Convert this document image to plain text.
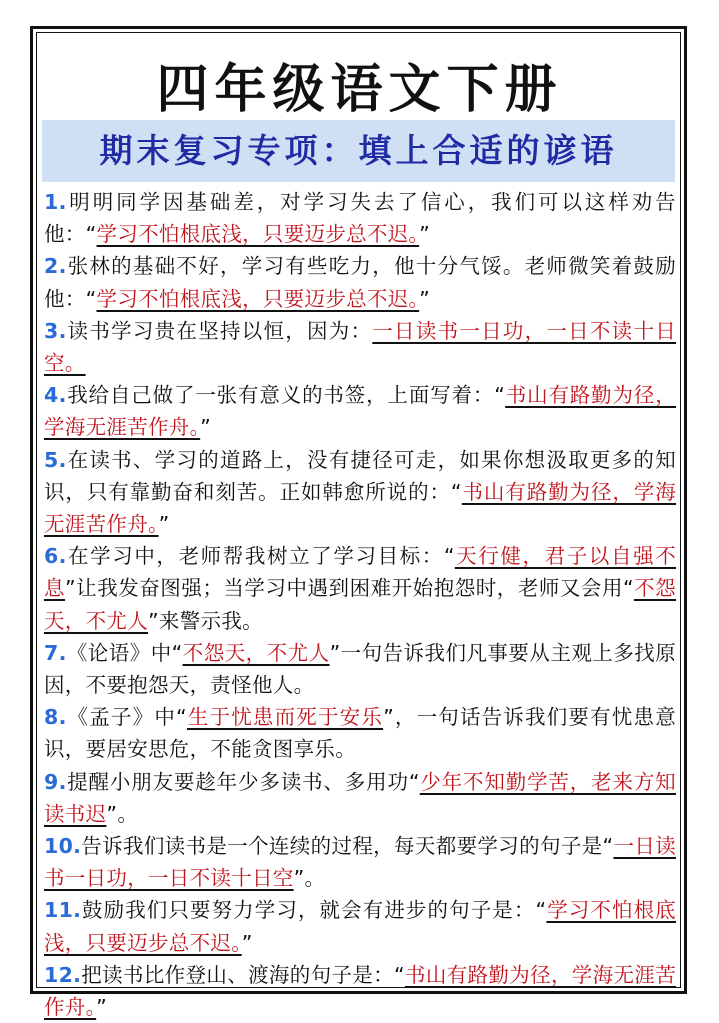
四年级语文下册
期末复习专项：填上合适的谚语
1.明明同学因基础差，对学习失去了信心，我们可以这样劝告他：“学习不怕根底浅，只要迈步总不迟。”
2.张林的基础不好，学习有些吃力，他十分气馁。老师微笑着鼓励他：“学习不怕根底浅，只要迈步总不迟。”
3.读书学习贵在坚持以恒，因为：一日读书一日功，一日不读十日空。
4.我给自己做了一张有意义的书签，上面写着：“书山有路勤为径，学海无涯苦作舟。”
5.在读书、学习的道路上，没有捷径可走，如果你想汲取更多的知识，只有靠勤奋和刻苦。正如韩愈所说的：“书山有路勤为径，学海无涯苦作舟。”
6.在学习中，老师帮我树立了学习目标：“天行健，君子以自强不息”让我发奋图强；当学习中遇到困难开始抱怨时，老师又会用“不怨天，不尤人”来警示我。
7.《论语》中“不怨天，不尤人”一句告诉我们凡事要从主观上多找原因，不要抱怨天，责怪他人。
8.《孟子》中“生于忧患而死于安乐”，一句话告诉我们要有忧患意识，要居安思危，不能贪图享乐。
9.提醒小朋友要趁年少多读书、多用功“少年不知勤学苦，老来方知读书迟”。
10.告诉我们读书是一个连续的过程，每天都要学习的句子是“一日读书一日功，一日不读十日空”。
11.鼓励我们只要努力学习，就会有进步的句子是：“学习不怕根底浅，只要迈步总不迟。”
12.把读书比作登山、渡海的句子是：“书山有路勤为径，学海无涯苦作舟。”
